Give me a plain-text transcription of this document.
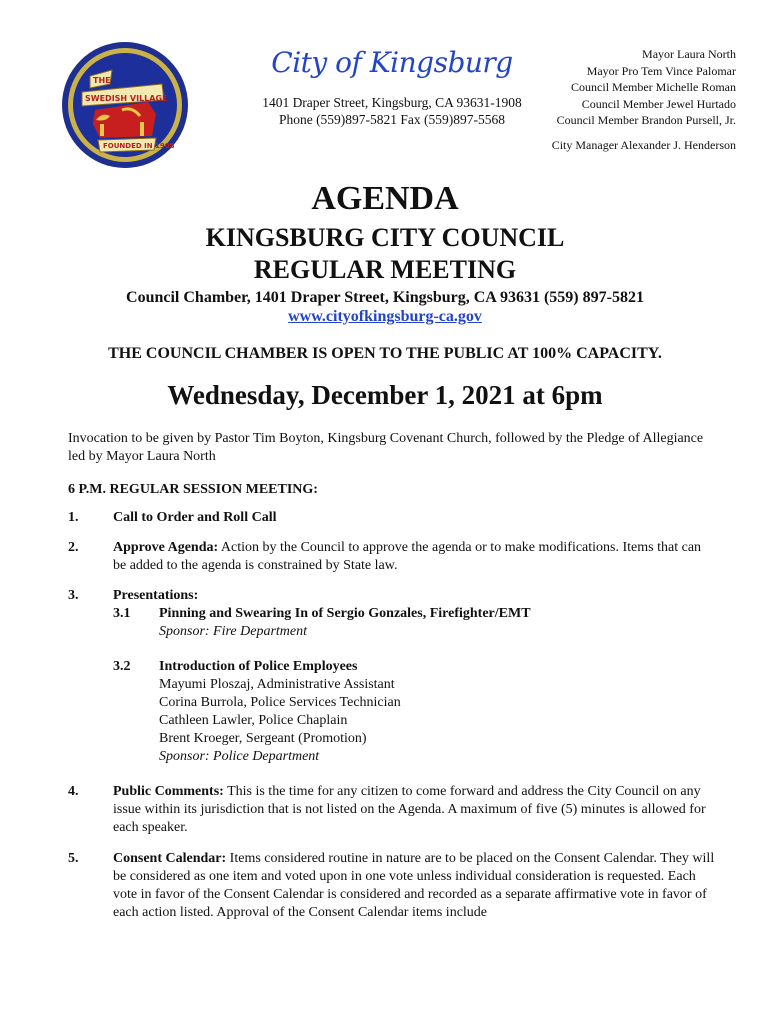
THE
SWEDISH VILLAGE
FOUNDED IN 1908
City of Kingsburg
1401 Draper Street, Kingsburg, CA 93631-1908
Phone (559)897-5821 Fax (559)897-5568
Mayor Laura North
Mayor Pro Tem Vince Palomar
Council Member Michelle Roman
Council Member Jewel Hurtado
Council Member Brandon Pursell, Jr.
City Manager Alexander J. Henderson
AGENDA
KINGSBURG CITY COUNCIL
REGULAR MEETING
Council Chamber, 1401 Draper Street, Kingsburg, CA 93631 (559) 897-5821
www.cityofkingsburg-ca.gov
THE COUNCIL CHAMBER IS OPEN TO THE PUBLIC AT 100% CAPACITY.
Wednesday, December 1, 2021 at 6pm
Invocation to be given by Pastor Tim Boyton, Kingsburg Covenant Church, followed by the Pledge of Allegiance led by Mayor Laura North
6 P.M. REGULAR SESSION MEETING:
1. Call to Order and Roll Call
2. Approve Agenda: Action by the Council to approve the agenda or to make modifications. Items that can be added to the agenda is constrained by State law.
3. Presentations:
3.1 Pinning and Swearing In of Sergio Gonzales, Firefighter/EMT
Sponsor: Fire Department
3.2 Introduction of Police Employees
Mayumi Ploszaj, Administrative Assistant
Corina Burrola, Police Services Technician
Cathleen Lawler, Police Chaplain
Brent Kroeger, Sergeant (Promotion)
Sponsor: Police Department
4. Public Comments: This is the time for any citizen to come forward and address the City Council on any issue within its jurisdiction that is not listed on the Agenda. A maximum of five (5) minutes is allowed for each speaker.
5. Consent Calendar: Items considered routine in nature are to be placed on the Consent Calendar. They will be considered as one item and voted upon in one vote unless individual consideration is requested. Each vote in favor of the Consent Calendar is considered and recorded as a separate affirmative vote in favor of each action listed. Approval of the Consent Calendar items include
